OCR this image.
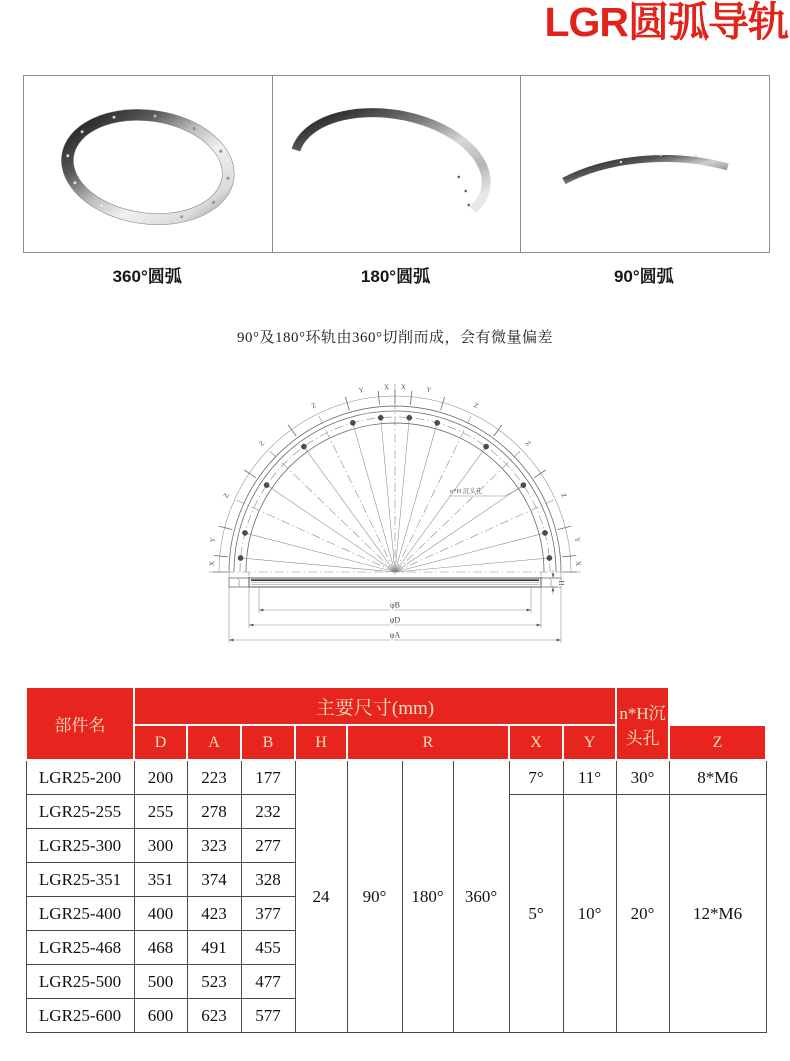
LGR圆弧导轨
360°圆弧	180°圆弧	90°圆弧
90°及180°环轨由360°切削而成，会有微量偏差
X X
Y	Y
Z	Z
Z	Z
Z	Z
Y	Y
X	X
n*H 沉头孔
φB
φD
φA
H
部件名	主要尺寸(mm)									n*H沉头孔	
	D	A	B	H	R			X	Y		Z
LGR25-200	200	223	177	24	90°	180°	360°	7°	11°	30°	8*M6
LGR25-255	255	278	232					5°	10°	20°	12*M6
LGR25-300	300	323	277								
LGR25-351	351	374	328								
LGR25-400	400	423	377								
LGR25-468	468	491	455								
LGR25-500	500	523	477								
LGR25-600	600	623	577								
